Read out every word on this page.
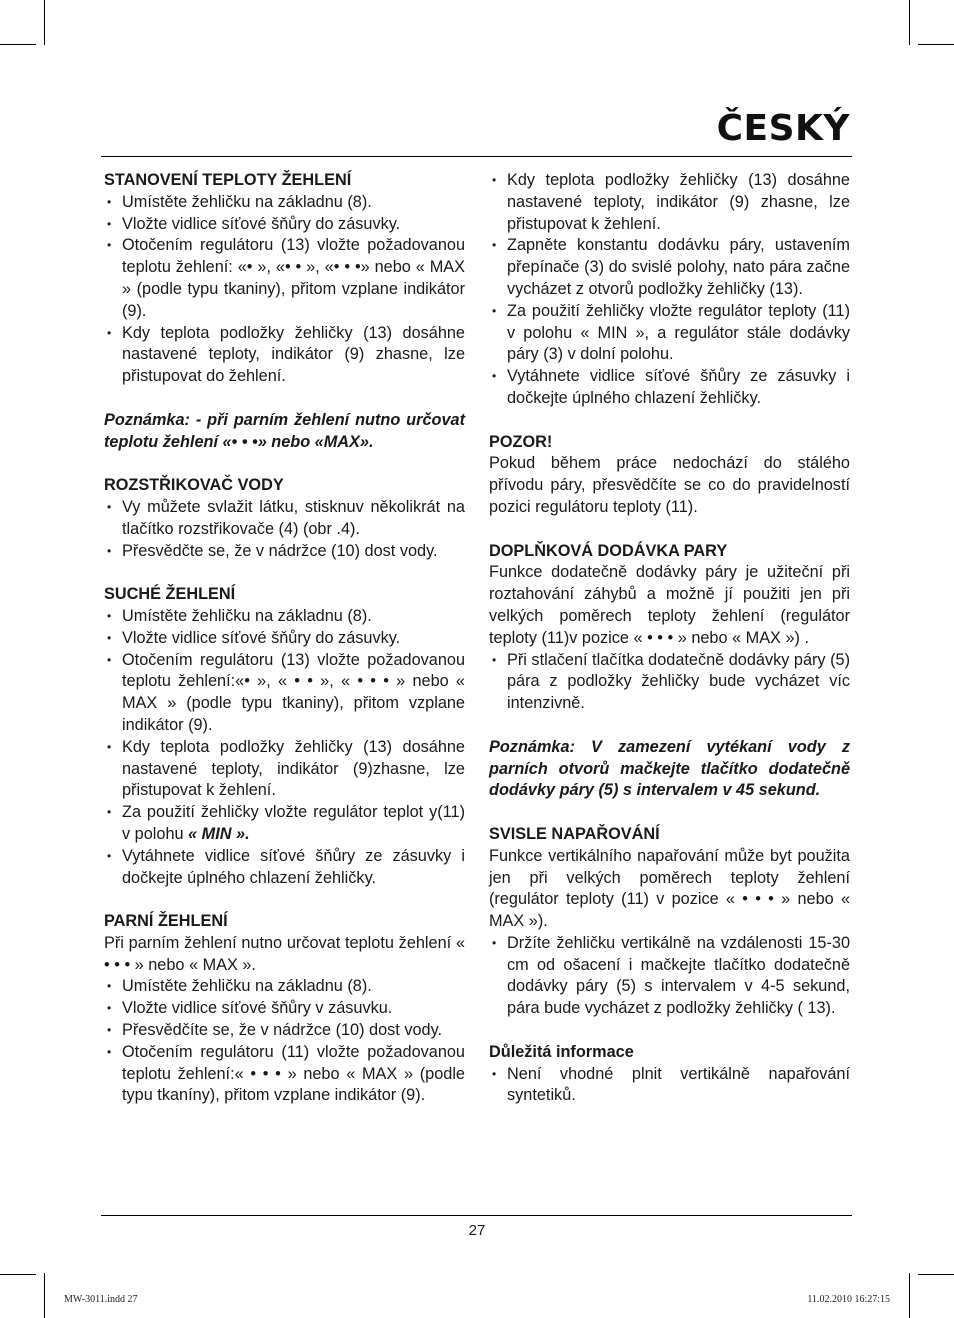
ČESKÝ

STANOVENÍ TEPLOTY ŽEHLENÍ

• Umístěte žehličku na základnu (8).
• Vložte vidlice síťové šňůry do zásuvky.
• Otočením regulátoru (13) vložte požadovanou teplotu žehlení: «• », «• • », «• • •» nebo « MAX » (podle typu tkaniny), přitom vzplane indikátor (9).
• Kdy teplota podložky žehličky (13) dosáhne nastavené teploty, indikátor (9) zhasne, lze přistupovat do žehlení.

Poznámka: - při parním žehlení nutno určovat teplotu žehlení «• • •» nebo «MAX».

ROZSTŘIKOVAČ VODY

• Vy můžete svlažit látku, stisknuv několikrát na tlačítko rozstřikovače (4) (obr .4).
• Přesvědčte se, že v nádržce (10) dost vody.

SUCHÉ ŽEHLENÍ

• Umístěte žehličku na základnu (8).
• Vložte vidlice síťové šňůry do zásuvky.
• Otočením regulátoru (13) vložte požadovanou teplotu žehlení:«• », « • • », « • • • » nebo « MAX » (podle typu tkaniny), přitom vzplane indikátor (9).
• Kdy teplota podložky žehličky (13) dosáhne nastavené teploty, indikátor (9)zhasne, lze přistupovat k žehlení.
• Za použití žehličky vložte regulátor teplot y(11) v polohu « MIN ».
• Vytáhnete vidlice síťové šňůry ze zásuvky i dočkejte úplného chlazení žehličky.

PARNÍ ŽEHLENÍ

Při parním žehlení nutno určovat teplotu žehlení « • • • » nebo « MAX ».

• Umístěte žehličku na základnu (8).
• Vložte vidlice síťové šňůry v zásuvku.
• Přesvědčíte se, že v nádržce (10) dost vody.
• Otočením regulátoru (11) vložte požadovanou teplotu žehlení:« • • • » nebo « MAX » (podle typu tkaníny), přitom vzplane indikátor (9).
• Kdy teplota podložky žehličky (13) dosáhne nastavené teploty, indikátor (9) zhasne, lze přistupovat k žehlení.
• Zapněte konstantu dodávku páry, ustavením přepínače (3) do svislé polohy, nato pára začne vycházet z otvorů podložky žehličky (13).
• Za použití žehličky vložte regulátor teploty (11) v polohu « MIN », a regulátor stále dodávky páry (3) v dolní polohu.
• Vytáhnete vidlice síťové šňůry ze zásuvky i dočkejte úplného chlazení žehličky.

POZOR!

Pokud během práce nedochází do stálého přívodu páry, přesvědčíte se co do pravidelností pozici regulátoru teploty (11).

DOPLŇKOVÁ DODÁVKA PARY

Funkce dodatečně dodávky páry je užiteční při roztahování záhybů a možně jí použiti jen při velkých poměrech teploty žehlení (regulátor teploty (11)v pozice « • • • » nebo « MAX ») .

• Při stlačení tlačítka dodatečně dodávky páry (5) pára z podložky žehličky bude vycházet víc intenzivně.

Poznámka: V zamezení vytékaní vody z parních otvorů mačkejte tlačítko dodatečně dodávky páry (5) s intervalem v 45 sekund.

SVISLE NAPAŘOVÁNÍ

Funkce vertikálního napařování může byt použita jen při velkých poměrech teploty žehlení (regulátor teploty (11) v pozice « • • • » nebo « MAX »).

• Držíte žehličku vertikálně na vzdálenosti 15-30 cm od ošacení i mačkejte tlačítko dodatečně dodávky páry (5) s intervalem v 4-5 sekund, pára bude vycházet z podložky žehličky ( 13).

Důležitá informace

• Není vhodné plnit vertikálně napařování syntetiků.
27
MW-3011.indd 27	11.02.2010 16:27:15
